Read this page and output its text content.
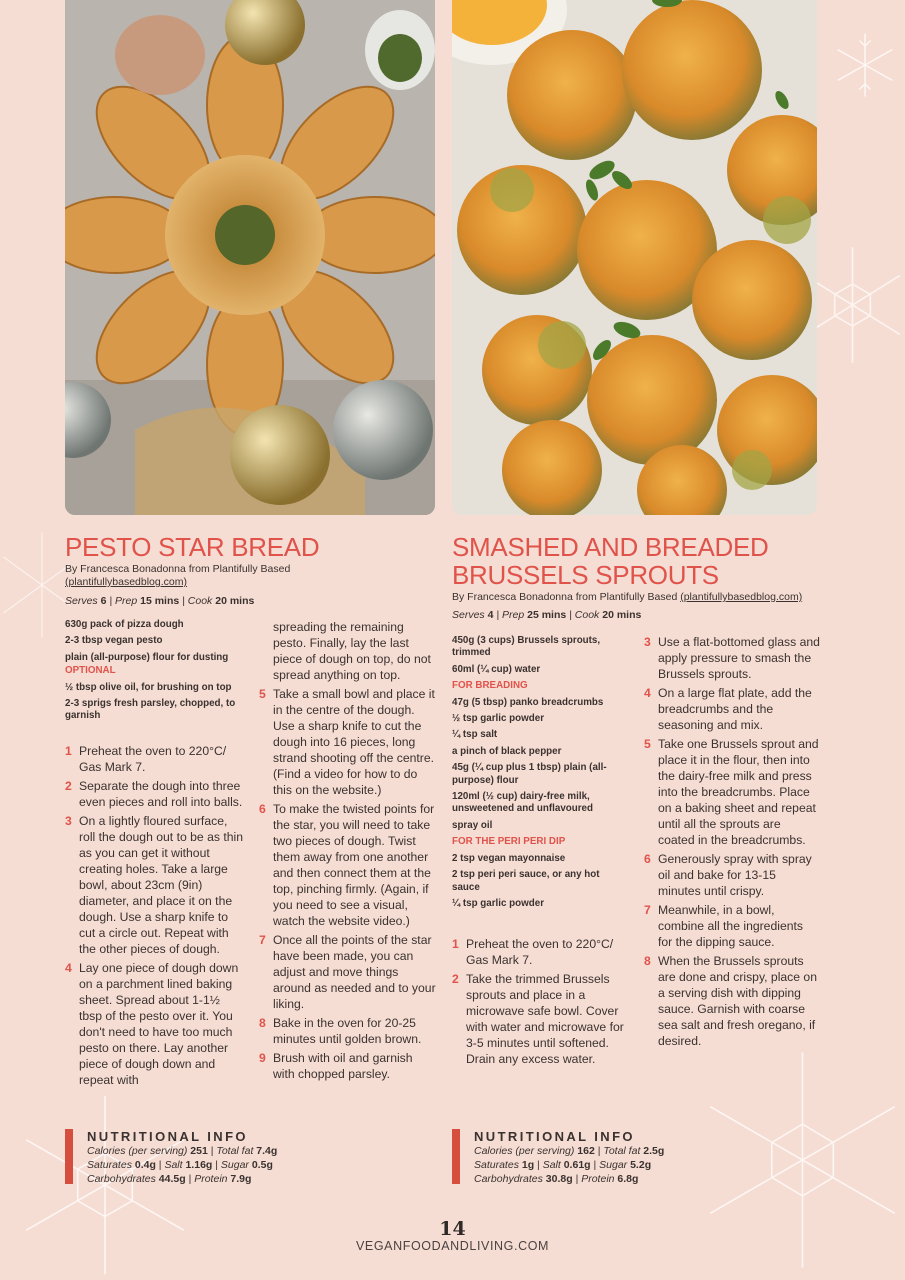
PESTO STAR BREAD
By Francesca Bonadonna from Plantifully Based
(plantifullybasedblog.com)
Serves 6 | Prep 15 mins | Cook 20 mins
630g pack of pizza dough
2-3 tbsp vegan pesto
plain (all-purpose) flour for dusting
OPTIONAL
½ tbsp olive oil, for brushing on top
2-3 sprigs fresh parsley, chopped, to garnish
1 Preheat the oven to 220°C/ Gas Mark 7.
2 Separate the dough into three even pieces and roll into balls.
3 On a lightly floured surface, roll the dough out to be as thin as you can get it without creating holes. Take a large bowl, about 23cm (9in) diameter, and place it on the dough. Use a sharp knife to cut a circle out. Repeat with the other pieces of dough.
4 Lay one piece of dough down on a parchment lined baking sheet. Spread about 1-1½ tbsp of the pesto over it. You don't need to have too much pesto on there. Lay another piece of dough down and repeat with
spreading the remaining pesto. Finally, lay the last piece of dough on top, do not spread anything on top.
5 Take a small bowl and place it in the centre of the dough. Use a sharp knife to cut the dough into 16 pieces, long strand shooting off the centre. (Find a video for how to do this on the website.)
6 To make the twisted points for the star, you will need to take two pieces of dough. Twist them away from one another and then connect them at the top, pinching firmly. (Again, if you need to see a visual, watch the website video.)
7 Once all the points of the star have been made, you can adjust and move things around as needed and to your liking.
8 Bake in the oven for 20-25 minutes until golden brown.
9 Brush with oil and garnish with chopped parsley.
NUTRITIONAL INFO
Calories (per serving) 251 | Total fat 7.4g
Saturates 0.4g | Salt 1.16g | Sugar 0.5g
Carbohydrates 44.5g | Protein 7.9g
SMASHED AND BREADED
BRUSSELS SPROUTS
By Francesca Bonadonna from Plantifully Based (plantifullybasedblog.com)
Serves 4 | Prep 25 mins | Cook 20 mins
450g (3 cups) Brussels sprouts, trimmed
60ml (¼ cup) water
FOR BREADING
47g (5 tbsp) panko breadcrumbs
½ tsp garlic powder
¼ tsp salt
a pinch of black pepper
45g (¼ cup plus 1 tbsp) plain (all-purpose) flour
120ml (½ cup) dairy-free milk, unsweetened and unflavoured
spray oil
FOR THE PERI PERI DIP
2 tsp vegan mayonnaise
2 tsp peri peri sauce, or any hot sauce
¼ tsp garlic powder
1 Preheat the oven to 220°C/ Gas Mark 7.
2 Take the trimmed Brussels sprouts and place in a microwave safe bowl. Cover with water and microwave for 3-5 minutes until softened. Drain any excess water.
3 Use a flat-bottomed glass and apply pressure to smash the Brussels sprouts.
4 On a large flat plate, add the breadcrumbs and the seasoning and mix.
5 Take one Brussels sprout and place it in the flour, then into the dairy-free milk and press into the breadcrumbs. Place on a baking sheet and repeat until all the sprouts are coated in the breadcrumbs.
6 Generously spray with spray oil and bake for 13-15 minutes until crispy.
7 Meanwhile, in a bowl, combine all the ingredients for the dipping sauce.
8 When the Brussels sprouts are done and crispy, place on a serving dish with dipping sauce. Garnish with coarse sea salt and fresh oregano, if desired.
NUTRITIONAL INFO
Calories (per serving) 162 | Total fat 2.5g
Saturates 1g | Salt 0.61g | Sugar 5.2g
Carbohydrates 30.8g | Protein 6.8g
14
VEGANFOODANDLIVING.COM
